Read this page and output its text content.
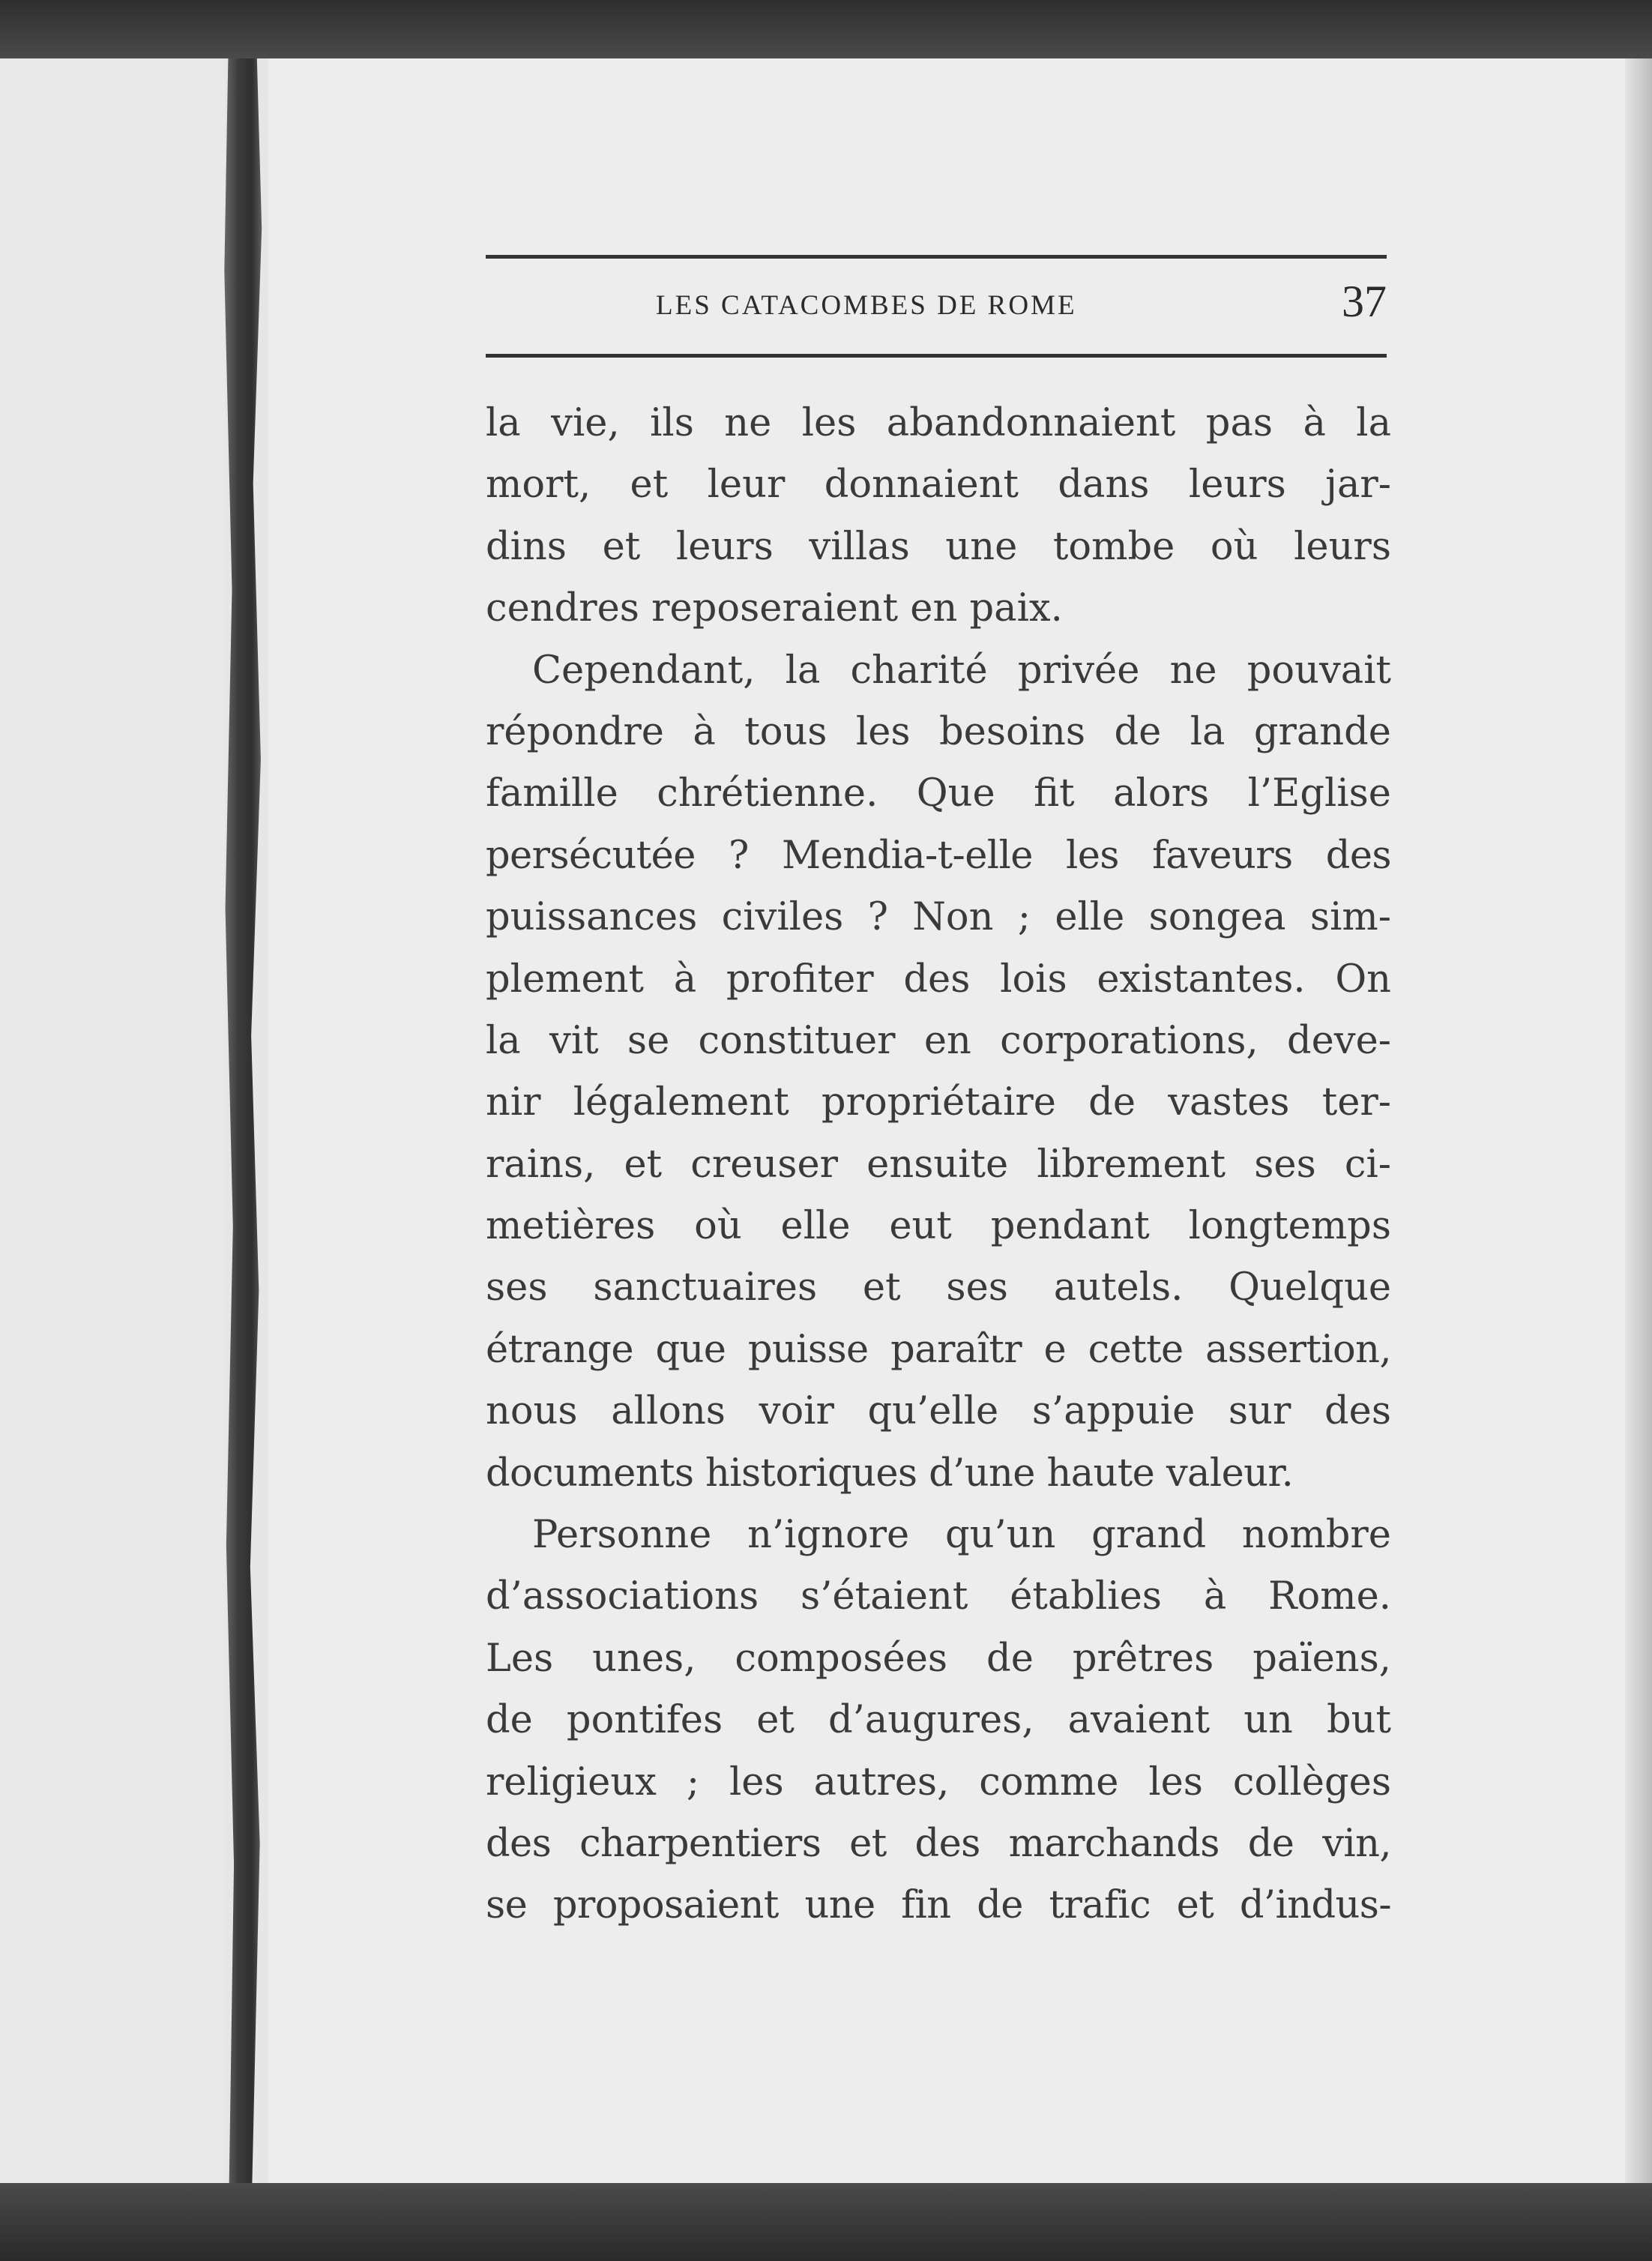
LES CATACOMBES DE ROME	37
la vie, ils ne les abandonnaient pas à la
mort, et leur donnaient dans leurs jar-
dins et leurs villas une tombe où leurs
cendres reposeraient en paix.
Cependant, la charité privée ne pouvait
répondre à tous les besoins de la grande
famille chrétienne. Que fit alors l’Eglise
persécutée ? Mendia-t-elle les faveurs des
puissances civiles ? Non ; elle songea sim-
plement à profiter des lois existantes. On
la vit se constituer en corporations, deve-
nir légalement propriétaire de vastes ter-
rains, et creuser ensuite librement ses ci-
metières où elle eut pendant longtemps
ses sanctuaires et ses autels. Quelque
étrange que puisse paraîtr e cette assertion,
nous allons voir qu’elle s’appuie sur des
documents historiques d’une haute valeur.
Personne n’ignore qu’un grand nombre
d’associations s’étaient établies à Rome.
Les unes, composées de prêtres païens,
de pontifes et d’augures, avaient un but
religieux ; les autres, comme les collèges
des charpentiers et des marchands de vin,
se proposaient une fin de trafic et d’indus-
